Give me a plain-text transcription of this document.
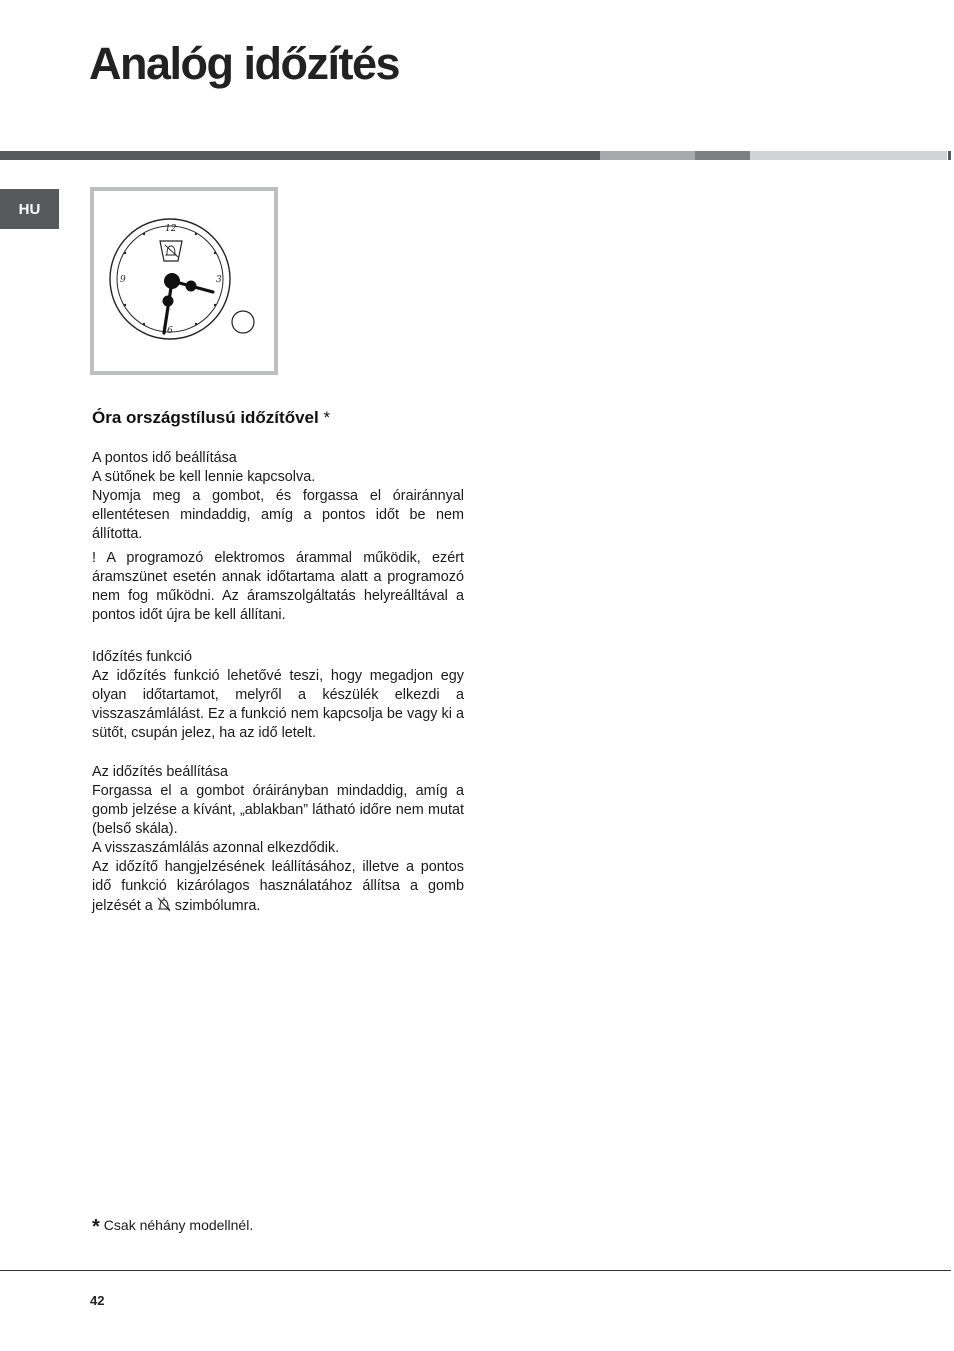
Analóg időzítés
HU
12
3
6
9
Óra országstílusú időzítővel *

A pontos idő beállítása

A sütőnek be kell lennie kapcsolva.

Nyomja meg a gombot, és forgassa el órairánnyal ellentétesen mindaddig, amíg a pontos időt be nem állította.

! A programozó elektromos árammal működik, ezért áramszünet esetén annak időtartama alatt a programozó nem fog működni. Az áramszolgáltatás helyreálltával a pontos időt újra be kell állítani.

Időzítés funkció

Az időzítés funkció lehetővé teszi, hogy megadjon egy olyan időtartamot, melyről a készülék elkezdi a visszaszámlálást. Ez a funkció nem kapcsolja be vagy ki a sütőt, csupán jelez, ha az idő letelt.

Az időzítés beállítása

Forgassa el a gombot óráirányban mindaddig, amíg a gomb jelzése a kívánt, „ablakban” látható időre nem mutat (belső skála).

A visszaszámlálás azonnal elkezdődik.

Az időzítő hangjelzésének leállításához, illetve a pontos idő funkció kizárólagos használatához állítsa a gomb jelzését a szimbólumra.

* Csak néhány modellnél.
42
